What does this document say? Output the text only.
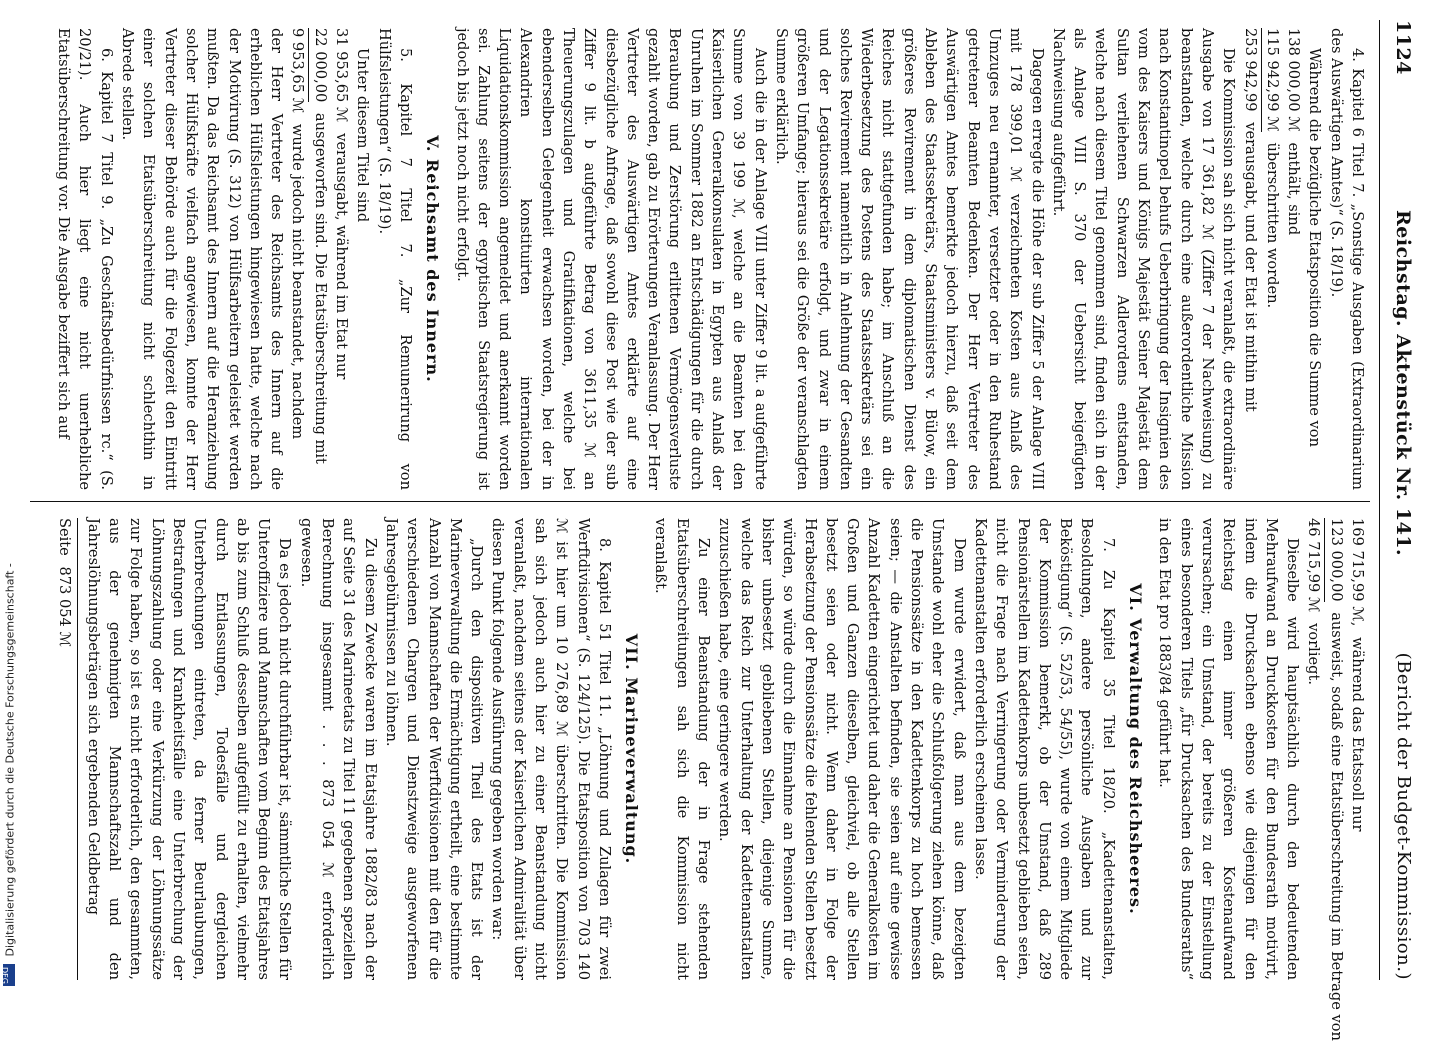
1124
Reichstag. Aktenstück Nr. 141.
(Bericht der Budget-Kommission.)

4. Kapitel 6 Titel 7. „Sonstige Ausgaben (Extraordinarium des Auswärtigen Amtes)“ (S. 18/19).

Während die bezügliche Etatsposition die Summe von

138 000,00 ℳ enthält, sind
115 942,99 ℳ überschritten worden.
253 942,99 verausgabt, und der Etat ist mithin mit

Die Kommission sah sich nicht veranlaßt, die extraordinäre Ausgabe von 17 361,82 ℳ (Ziffer 7 der Nachweisung) zu beanstanden, welche durch eine außerordentliche Mission nach Konstantinopel behufs Ueberbringung der Insignien des vom des Kaisers und Königs Majestät Seiner Majestät dem Sultan verliehenen Schwarzen Adlerordens entstanden, welche nach diesem Titel genommen sind, finden sich in der als Anlage VIII S. 370 der Uebersicht beigefügten Nachweisung aufgeführt.

Dagegen erregte die Höhe der sub Ziffer 5 der Anlage VIII mit 178 399,01 ℳ verzeichneten Kosten aus Anlaß des Umzuges neu ernannter, versetzter oder in den Ruhestand getretener Beamten Bedenken. Der Herr Vertreter des Auswärtigen Amtes bemerkte jedoch hierzu, daß seit dem Ableben des Staatssekretärs, Staatsministers v. Bülow, ein größeres Revirement in dem diplomatischen Dienst des Reiches nicht stattgefunden habe; im Anschluß an die Wiederbesetzung des Postens des Staatssekretärs sei ein solches Revirement namentlich in Anlehnung der Gesandten und der Legationssekretäre erfolgt, und zwar in einem größeren Umfange; hieraus sei die Größe der veranschlagten Summe erklärlich.

Auch die in der Anlage VIII unter Ziffer 9 lit. a aufgeführte Summe von 39 199 ℳ, welche an die Beamten bei den Kaiserlichen Generalkonsulaten in Egypten aus Anlaß der Unruhen im Sommer 1882 an Entschädigungen für die durch Beraubung und Zerstörung erlittenen Vermögensverluste gezahlt worden, gab zu Erörterungen Veranlassung. Der Herr Vertreter des Auswärtigen Amtes erklärte auf eine diesbezügliche Anfrage, daß sowohl diese Post wie der sub Ziffer 9 lit. b aufgeführte Betrag von 3611,35 ℳ an Theuerungszulagen und Gratifikationen, welche bei ebenderselben Gelegenheit erwachsen worden, bei der in Alexandrien konstituirten internationalen Liquidationskommission angemeldet und anerkannt worden sei. Zahlung seitens der egyptischen Staatsregierung ist jedoch bis jetzt noch nicht erfolgt.

V. Reichsamt des Innern.

5. Kapitel 7 Titel 7. „Zur Remunerirung von Hülfsleistungen“ (S. 18/19).

Unter diesem Titel sind

31 953,65 ℳ verausgabt, während im Etat nur
22 000,00 ausgeworfen sind. Die Etatsüberschreitung mit
9 953,65 ℳ wurde jedoch nicht beanstandet, nachdem

der Herr Vertreter des Reichsamts des Innern auf die erheblichen Hülfsleistungen hingewiesen hatte, welche nach der Motivirung (S. 312) von Hülfsarbeitern geleistet werden mußten. Da das Reichsamt des Innern auf die Heranziehung solcher Hülfskräfte vielfach angewiesen, konnte der Herr Vertreter dieser Behörde auch für die Folgezeit den Eintritt einer solchen Etatsüberschreitung nicht schlechthin in Abrede stellen.

6. Kapitel 7 Titel 9. „Zu Geschäftsbedürfnissen rc.“ (S. 20/21). Auch hier liegt eine nicht unerhebliche Etatsüberschreitung vor. Die Ausgabe beziffert sich auf

169 715,99 ℳ, während das Etatssoll nur
123 000,00 ausweist, sodaß eine Etatsüberschreitung im Betrage von
46 715,99 ℳ vorliegt.

Dieselbe wird hauptsächlich durch den bedeutenden Mehraufwand an Druckkosten für den Bundesrath motivirt, indem die Drucksachen ebenso wie diejenigen für den Reichstag einen immer größeren Kostenaufwand verursachen; ein Umstand, der bereits zu der Einstellung eines besonderen Titels „für Drucksachen des Bundesraths“ in den Etat pro 1883/84 geführt hat.

VI. Verwaltung des Reichsheeres.

7. Zu Kapitel 35 Titel 18/20. „Kadettenanstalten, Besoldungen, andere persönliche Ausgaben und zur Beköstigung“ (S. 52/53, 54/55), wurde von einem Mitgliede der Kommission bemerkt, ob der Umstand, daß 289 Pensionärstellen im Kadettenkorps unbesetzt geblieben seien, nicht die Frage nach Verringerung oder Verminderung der Kadettenanstalten erforderlich erscheinen lasse.

Dem wurde erwidert, daß man aus dem bezeigten Umstande wohl eher die Schlußfolgerung ziehen könne, daß die Pensionssätze in den Kadettenkorps zu hoch bemessen seien; — die Anstalten befinden, sie seien auf eine gewisse Anzahl Kadetten eingerichtet und daher die Generalkosten im Großen und Ganzen dieselben, gleichviel, ob alle Stellen besetzt seien oder nicht. Wenn daher in Folge der Herabsetzung der Pensionssätze die fehlenden Stellen besetzt würden, so würde durch die Einnahme an Pensionen für die bisher unbesetzt gebliebenen Stellen, diejenige Summe, welche das Reich zur Unterhaltung der Kadettenanstalten zuzuschießen habe, eine geringere werden.

Zu einer Beanstandung der in Frage stehenden Etatsüberschreitungen sah sich die Kommission nicht veranlaßt.

VII. Marineverwaltung.

8. Kapitel 51 Titel 11. „Löhnung und Zulagen für zwei Werftdivisionen“ (S. 124/125). Die Etatsposition von 703 140 ℳ ist hier um 10 276,89 ℳ überschritten. Die Kommission sah sich jedoch auch hier zu einer Beanstandung nicht veranlaßt, nachdem seitens der Kaiserlichen Admiralität über diesen Punkt folgende Ausführung gegeben worden war:

„Durch den dispositiven Theil des Etats ist der Marineverwaltung die Ermächtigung ertheilt, eine bestimmte Anzahl von Mannschaften der Werftdivisionen mit den für die verschiedenen Chargen und Dienstzweige ausgeworfenen Jahresgebührnissen zu löhnen.

Zu diesem Zwecke waren im Etatsjahre 1882/83 nach der auf Seite 31 des Marineetats zu Titel 11 gegebenen speziellen Berechnung insgesammt . . . 873 054 ℳ erforderlich gewesen.

Da es jedoch nicht durchführbar ist, sämmtliche Stellen für Unteroffiziere und Mannschaften vom Beginn des Etatsjahres ab bis zum Schluß desselben aufgefüllt zu erhalten, vielmehr durch Entlassungen, Todesfälle und dergleichen Unterbrechungen eintreten, da ferner Beurlaubungen, Bestrafungen und Krankheitsfälle eine Unterbrechung der Löhnungszahlung oder eine Verkürzung der Löhnungssätze zur Folge haben, so ist es nicht erforderlich, den gesammten, aus der genehmigten Mannschaftszahl und den Jahreslöhnungsbeträgen sich ergebenden Geldbetrag

Seite 873 054 ℳ
Digitalisierung gefördert durch die Deutsche Forschungsgemeinschaft -
DFG
